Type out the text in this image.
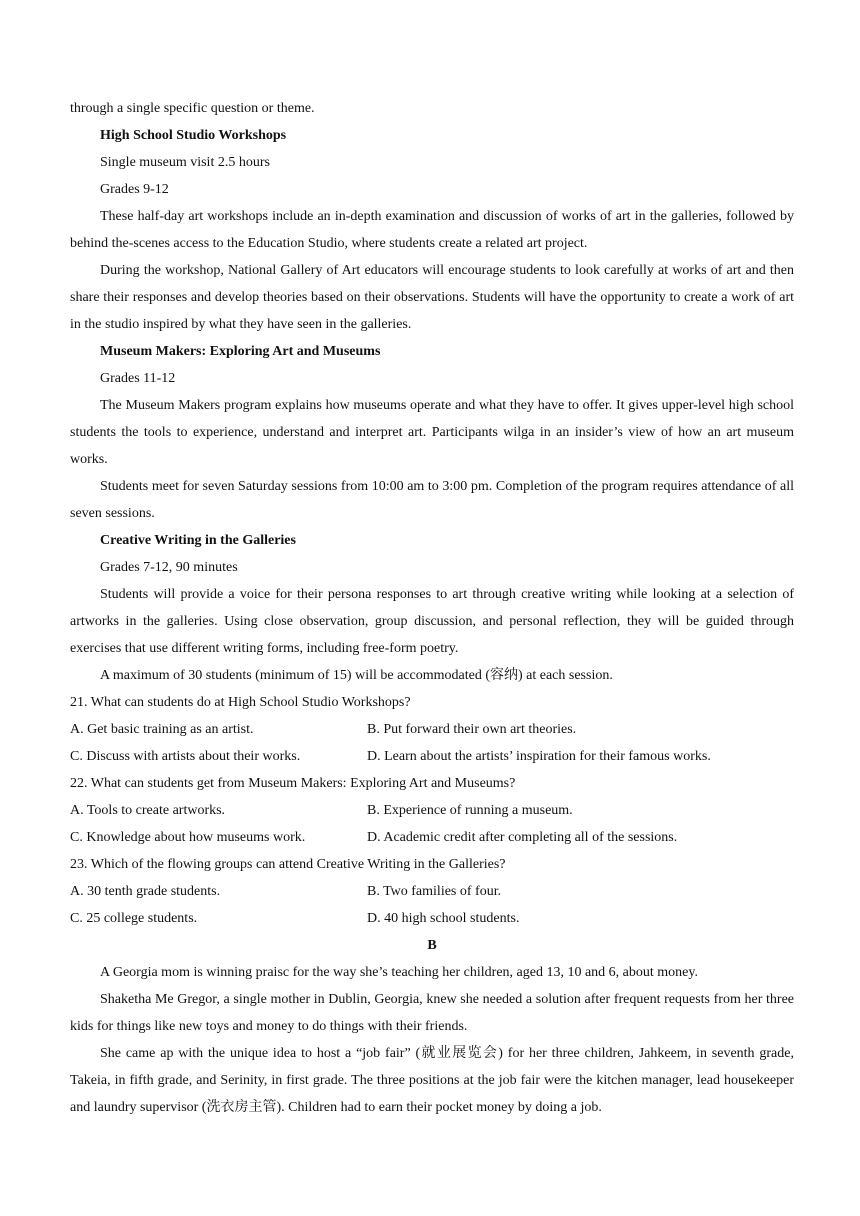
through a single specific question or theme.

High School Studio Workshops

Single museum visit 2.5 hours

Grades 9-12

These half-day art workshops include an in-depth examination and discussion of works of art in the galleries, followed by behind the-scenes access to the Education Studio, where students create a related art project.

During the workshop, National Gallery of Art educators will encourage students to look carefully at works of art and then share their responses and develop theories based on their observations. Students will have the opportunity to create a work of art in the studio inspired by what they have seen in the galleries.

Museum Makers: Exploring Art and Museums

Grades 11-12

The Museum Makers program explains how museums operate and what they have to offer. It gives upper-level high school students the tools to experience, understand and interpret art. Participants wilga in an insider’s view of how an art museum works.

Students meet for seven Saturday sessions from 10:00 am to 3:00 pm. Completion of the program requires attendance of all seven sessions.

Creative Writing in the Galleries

Grades 7-12, 90 minutes

Students will provide a voice for their persona responses to art through creative writing while looking at a selection of artworks in the galleries. Using close observation, group discussion, and personal reflection, they will be guided through exercises that use different writing forms, including free-form poetry.

A maximum of 30 students (minimum of 15) will be accommodated (容纳) at each session.

21. What can students do at High School Studio Workshops?

A. Get basic training as an artist.	B. Put forward their own art theories.
C. Discuss with artists about their works.	D. Learn about the artists’ inspiration for their famous works.

22. What can students get from Museum Makers: Exploring Art and Museums?

A. Tools to create artworks.	B. Experience of running a museum.
C. Knowledge about how museums work.	D. Academic credit after completing all of the sessions.

23. Which of the flowing groups can attend Creative Writing in the Galleries?

A. 30 tenth grade students.	B. Two families of four.
C. 25 college students.	D. 40 high school students.

B

A Georgia mom is winning praisc for the way she’s teaching her children, aged 13, 10 and 6, about money.

Shaketha Me Gregor, a single mother in Dublin, Georgia, knew she needed a solution after frequent requests from her three kids for things like new toys and money to do things with their friends.

She came ap with the unique idea to host a “job fair” (就业展览会) for her three children, Jahkeem, in seventh grade, Takeia, in fifth grade, and Serinity, in first grade. The three positions at the job fair were the kitchen manager, lead housekeeper and laundry supervisor (洗衣房主管). Children had to earn their pocket money by doing a job.
